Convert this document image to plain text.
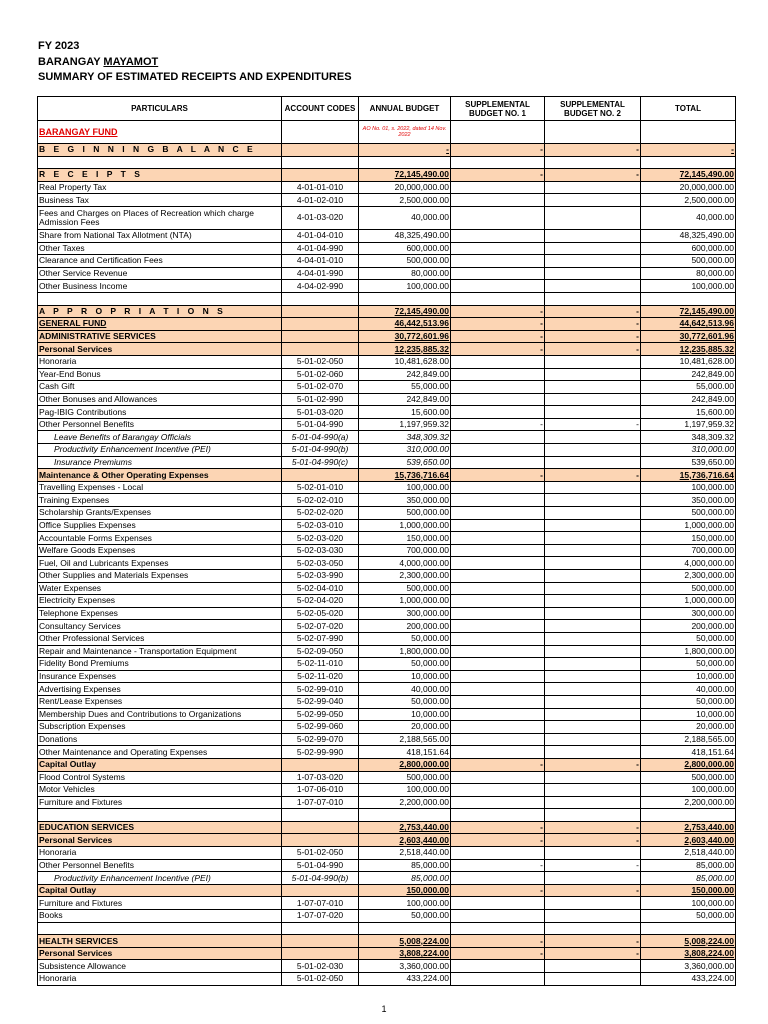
FY 2023
BARANGAY MAYAMOT
SUMMARY OF ESTIMATED RECEIPTS AND EXPENDITURES
PARTICULARS	ACCOUNT CODES	ANNUAL BUDGET	SUPPLEMENTAL BUDGET NO. 1	SUPPLEMENTAL BUDGET NO. 2	TOTAL
BARANGAY FUND		AO No. 01, s. 2022, dated 14 Nov. 2022			

B E G I N N I N G B A L A N C E		-	-	-	-

R E C E I P T S		72,145,490.00	-	-	72,145,490.00
Real Property Tax	4-01-01-010	20,000,000.00			20,000,000.00
Business Tax	4-01-02-010	2,500,000.00			2,500,000.00
Fees and Charges on Places of Recreation which charge Admission Fees	4-01-03-020	40,000.00			40,000.00
Share from National Tax Allotment (NTA)	4-01-04-010	48,325,490.00			48,325,490.00
Other Taxes	4-01-04-990	600,000.00			600,000.00
Clearance and Certification Fees	4-04-01-010	500,000.00			500,000.00
Other Service Revenue	4-04-01-990	80,000.00			80,000.00
Other Business Income	4-04-02-990	100,000.00			100,000.00

A P P R O P R I A T I O N S		72,145,490.00	-	-	72,145,490.00
GENERAL FUND		46,442,513.96	-	-	44,642,513.96
ADMINISTRATIVE SERVICES		30,772,601.96	-	-	30,772,601.96
Personal Services		12,235,885.32	-	-	12,235,885.32
Honoraria	5-01-02-050	10,481,628.00			10,481,628.00
Year-End Bonus	5-01-02-060	242,849.00			242,849.00
Cash Gift	5-01-02-070	55,000.00			55,000.00
Other Bonuses and Allowances	5-01-02-990	242,849.00			242,849.00
Pag-IBIG Contributions	5-01-03-020	15,600.00			15,600.00
Other Personnel Benefits	5-01-04-990	1,197,959.32	-	-	1,197,959.32
Leave Benefits of Barangay Officials	5-01-04-990(a)	348,309.32			348,309.32
Productivity Enhancement Incentive (PEI)	5-01-04-990(b)	310,000.00			310,000.00
Insurance Premiums	5-01-04-990(c)	539,650.00			539,650.00
Maintenance & Other Operating Expenses		15,736,716.64	-	-	15,736,716.64
Travelling Expenses - Local	5-02-01-010	100,000.00			100,000.00
Training Expenses	5-02-02-010	350,000.00			350,000.00
Scholarship Grants/Expenses	5-02-02-020	500,000.00			500,000.00
Office Supplies Expenses	5-02-03-010	1,000,000.00			1,000,000.00
Accountable Forms Expenses	5-02-03-020	150,000.00			150,000.00
Welfare Goods Expenses	5-02-03-030	700,000.00			700,000.00
Fuel, Oil and Lubricants Expenses	5-02-03-050	4,000,000.00			4,000,000.00
Other Supplies and Materials Expenses	5-02-03-990	2,300,000.00			2,300,000.00
Water Expenses	5-02-04-010	500,000.00			500,000.00
Electricity Expenses	5-02-04-020	1,000,000.00			1,000,000.00
Telephone Expenses	5-02-05-020	300,000.00			300,000.00
Consultancy Services	5-02-07-020	200,000.00			200,000.00
Other Professional Services	5-02-07-990	50,000.00			50,000.00
Repair and Maintenance - Transportation Equipment	5-02-09-050	1,800,000.00			1,800,000.00
Fidelity Bond Premiums	5-02-11-010	50,000.00			50,000.00
Insurance Expenses	5-02-11-020	10,000.00			10,000.00
Advertising Expenses	5-02-99-010	40,000.00			40,000.00
Rent/Lease Expenses	5-02-99-040	50,000.00			50,000.00
Membership Dues and Contributions to Organizations	5-02-99-050	10,000.00			10,000.00
Subscription Expenses	5-02-99-060	20,000.00			20,000.00
Donations	5-02-99-070	2,188,565.00			2,188,565.00
Other Maintenance and Operating Expenses	5-02-99-990	418,151.64			418,151.64
Capital Outlay		2,800,000.00	-	-	2,800,000.00
Flood Control Systems	1-07-03-020	500,000.00			500,000.00
Motor Vehicles	1-07-06-010	100,000.00			100,000.00
Furniture and Fixtures	1-07-07-010	2,200,000.00			2,200,000.00

EDUCATION SERVICES		2,753,440.00	-	-	2,753,440.00
Personal Services		2,603,440.00	-	-	2,603,440.00
Honoraria	5-01-02-050	2,518,440.00			2,518,440.00
Other Personnel Benefits	5-01-04-990	85,000.00	-	-	85,000.00
Productivity Enhancement Incentive (PEI)	5-01-04-990(b)	85,000.00			85,000.00
Capital Outlay		150,000.00	-	-	150,000.00
Furniture and Fixtures	1-07-07-010	100,000.00			100,000.00
Books	1-07-07-020	50,000.00			50,000.00

HEALTH SERVICES		5,008,224.00	-	-	5,008,224.00
Personal Services		3,808,224.00	-	-	3,808,224.00
Subsistence Allowance	5-01-02-030	3,360,000.00			3,360,000.00
Honoraria	5-01-02-050	433,224.00			433,224.00
1
